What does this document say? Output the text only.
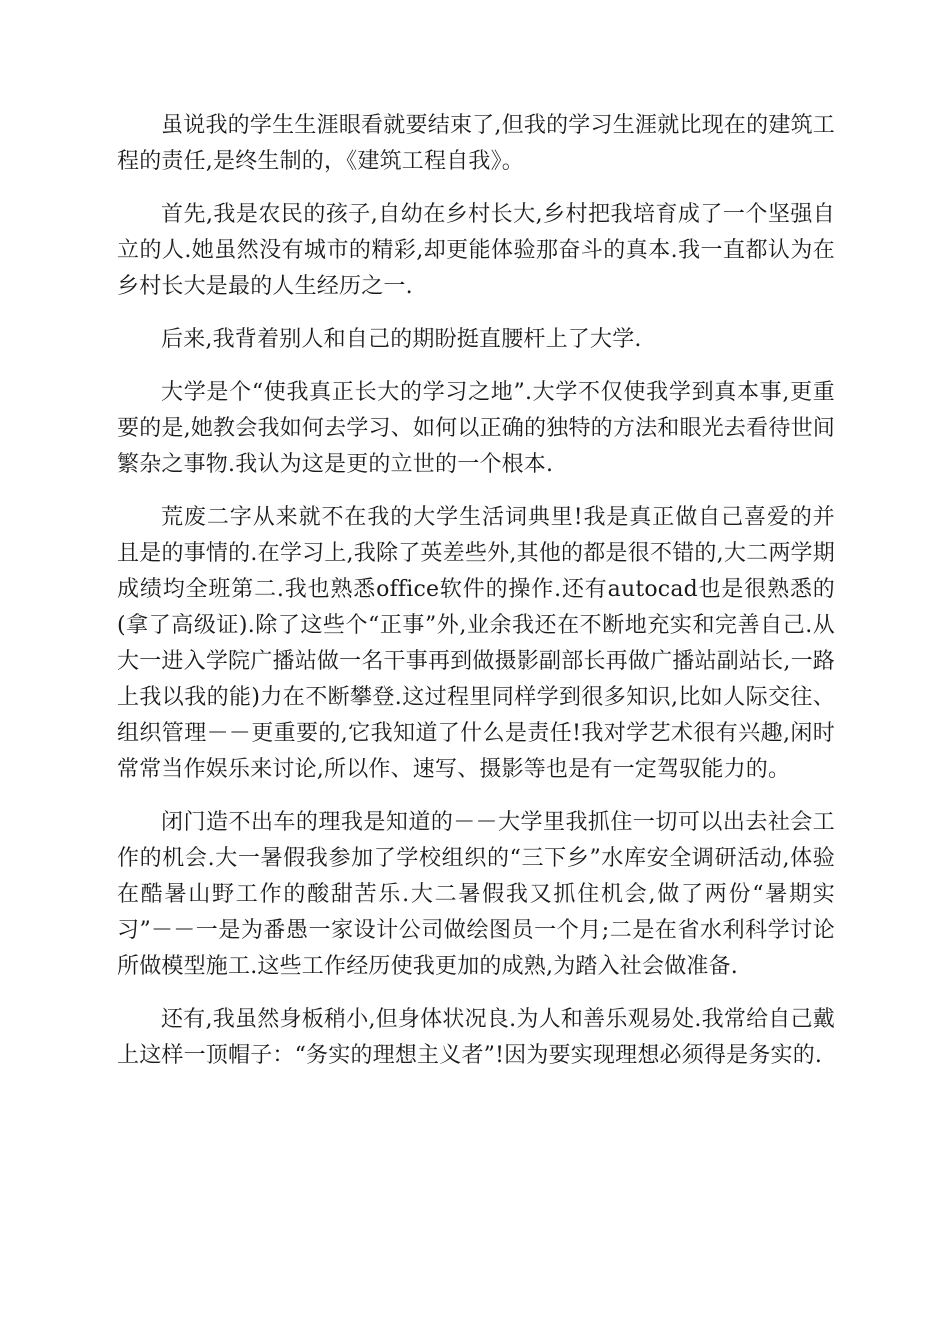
虽说我的学生生涯眼看就要结束了,但我的学习生涯就比现在的建筑工程的责任,是终生制的，《建筑工程自我》。

首先,我是农民的孩子,自幼在乡村长大,乡村把我培育成了一个坚强自立的人.她虽然没有城市的精彩,却更能体验那奋斗的真本.我一直都认为在乡村长大是最的人生经历之一.

后来,我背着别人和自己的期盼挺直腰杆上了大学.

大学是个“使我真正长大的学习之地”.大学不仅使我学到真本事,更重要的是,她教会我如何去学习、如何以正确的独特的方法和眼光去看待世间繁杂之事物.我认为这是更的立世的一个根本.

荒废二字从来就不在我的大学生活词典里!我是真正做自己喜爱的并且是的事情的.在学习上,我除了英差些外,其他的都是很不错的,大二两学期成绩均全班第二.我也熟悉office软件的操作.还有autocad也是很熟悉的(拿了高级证).除了这些个“正事”外,业余我还在不断地充实和完善自己.从大一进入学院广播站做一名干事再到做摄影副部长再做广播站副站长,一路上我以我的能)力在不断攀登.这过程里同样学到很多知识,比如人际交往、组织管理－－更重要的,它我知道了什么是责任!我对学艺术很有兴趣,闲时常常当作娱乐来讨论,所以作、速写、摄影等也是有一定驾驭能力的。

闭门造不出车的理我是知道的－－大学里我抓住一切可以出去社会工作的机会.大一暑假我参加了学校组织的“三下乡”水库安全调研活动,体验在酷暑山野工作的酸甜苦乐.大二暑假我又抓住机会,做了两份“暑期实习”－－一是为番愚一家设计公司做绘图员一个月;二是在省水利科学讨论所做模型施工.这些工作经历使我更加的成熟,为踏入社会做准备.

还有,我虽然身板稍小,但身体状况良.为人和善乐观易处.我常给自己戴上这样一顶帽子：“务实的理想主义者”!因为要实现理想必须得是务实的.
